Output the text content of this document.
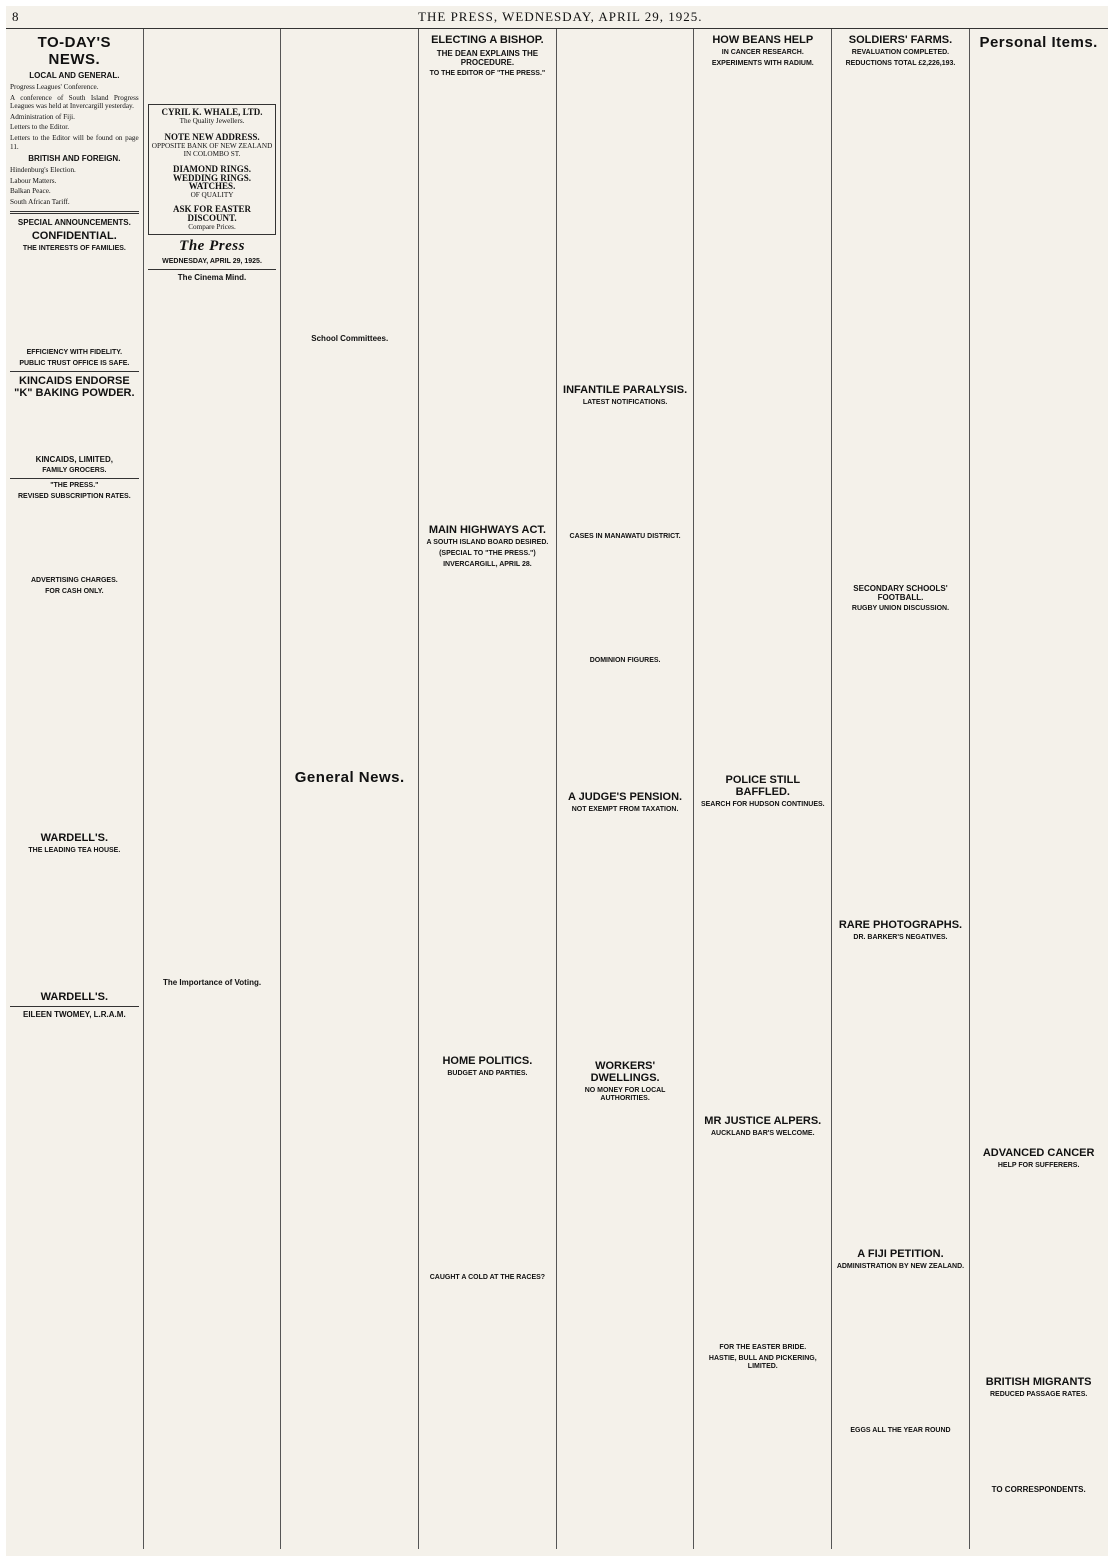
8	THE PRESS, WEDNESDAY, APRIL 29, 1925.
TO-DAY'S NEWS.
LOCAL AND GENERAL.

Progress Leagues' Conference.

A conference of South Island Progress Leagues was held at Invercargill yesterday.

Administration of Fiji.

Letters to the Editor.

Letters to the Editor will be found on page 11.

BRITISH AND FOREIGN.

Hindenburg's Election.

Labour Matters.

Balkan Peace.

South African Tariff.

SPECIAL ANNOUNCEMENTS.
CONFIDENTIAL.
THE INTERESTS OF FAMILIES.
EFFICIENCY WITH FIDELITY.
PUBLIC TRUST OFFICE IS SAFE.
KINCAIDS ENDORSE "K" BAKING POWDER.
KINCAIDS, LIMITED,
FAMILY GROCERS.
"THE PRESS."
REVISED SUBSCRIPTION RATES.
ADVERTISING CHARGES.
FOR CASH ONLY.
WARDELL'S.
THE LEADING TEA HOUSE.
WARDELL'S.
EILEEN TWOMEY, L.R.A.M.
CYRIL K. WHALE, LTD.
The Quality Jewellers.
NOTE NEW ADDRESS.
OPPOSITE BANK OF NEW ZEALAND IN COLOMBO ST.
DIAMOND RINGS. WEDDING RINGS. WATCHES.
OF QUALITY
ASK FOR EASTER DISCOUNT.
Compare Prices.
The Press
WEDNESDAY, APRIL 29, 1925.
The Cinema Mind.
The Importance of Voting.
School Committees.
General News.
ELECTING A BISHOP.
THE DEAN EXPLAINS THE PROCEDURE.
TO THE EDITOR OF "THE PRESS."
MAIN HIGHWAYS ACT.
A SOUTH ISLAND BOARD DESIRED.
(SPECIAL TO "THE PRESS.")
INVERCARGILL, APRIL 28.
HOME POLITICS.
BUDGET AND PARTIES.
CAUGHT A COLD AT THE RACES?
INFANTILE PARALYSIS.
LATEST NOTIFICATIONS.
CASES IN MANAWATU DISTRICT.
DOMINION FIGURES.
A JUDGE'S PENSION.
NOT EXEMPT FROM TAXATION.
WORKERS' DWELLINGS.
NO MONEY FOR LOCAL AUTHORITIES.
HOW BEANS HELP
IN CANCER RESEARCH.
EXPERIMENTS WITH RADIUM.
POLICE STILL BAFFLED.
SEARCH FOR HUDSON CONTINUES.
MR JUSTICE ALPERS.
AUCKLAND BAR'S WELCOME.
FOR THE EASTER BRIDE.
HASTIE, BULL AND PICKERING, LIMITED.
SOLDIERS' FARMS.
REVALUATION COMPLETED.
REDUCTIONS TOTAL £2,226,193.
SECONDARY SCHOOLS' FOOTBALL.
RUGBY UNION DISCUSSION.
RARE PHOTOGRAPHS.
DR. BARKER'S NEGATIVES.
A FIJI PETITION.
ADMINISTRATION BY NEW ZEALAND.
EGGS ALL THE YEAR ROUND
Personal Items.
ADVANCED CANCER
HELP FOR SUFFERERS.
BRITISH MIGRANTS
REDUCED PASSAGE RATES.
TO CORRESPONDENTS.
